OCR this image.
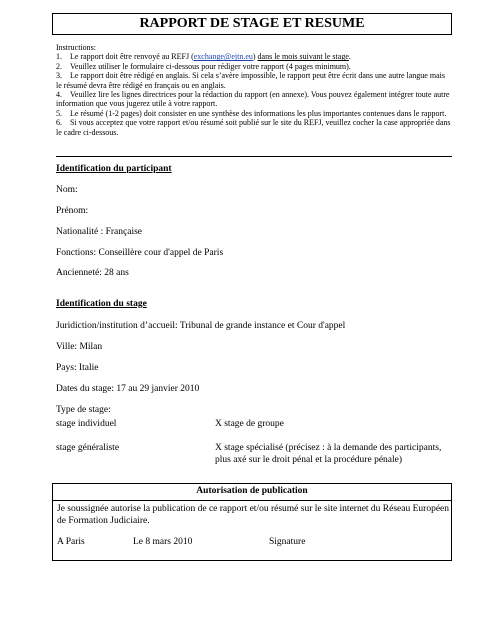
RAPPORT DE STAGE ET RESUME
Instructions:
1. Le rapport doit être renvoyé au REFJ (exchange@ejtn.eu) dans le mois suivant le stage.
2. Veuillez utiliser le formulaire ci-dessous pour rédiger votre rapport (4 pages minimum).
3. Le rapport doit être rédigé en anglais. Si cela s’avère impossible, le rapport peut être écrit dans une autre langue mais le résumé devra être rédigé en français ou en anglais.
4. Veuillez lire les lignes directrices pour la rédaction du rapport (en annexe). Vous pouvez également intégrer toute autre information que vous jugerez utile à votre rapport.
5. Le résumé (1-2 pages) doit consister en une synthèse des informations les plus importantes contenues dans le rapport.
6. Si vous acceptez que votre rapport et/ou résumé soit publié sur le site du REFJ, veuillez cocher la case appropriée dans le cadre ci-dessous.
Identification du participant
Nom:
Prénom:
Nationalité : Française
Fonctions: Conseillère cour d'appel de Paris
Ancienneté: 28 ans
Identification du stage
Juridiction/institution d’accueil: Tribunal de grande instance et Cour d'appel
Ville: Milan
Pays: Italie
Dates du stage: 17 au 29 janvier 2010
Type de stage:
stage individuel	X stage de groupe
stage généraliste	X stage spécialisé (précisez : à la demande des participants,
plus axé sur le droit pénal et la procédure pénale)
Autorisation de publication
Je soussignée autorise la publication de ce rapport et/ou résumé sur le site internet du Réseau Européen de Formation Judiciaire.
A Paris	Le 8 mars 2010	Signature
